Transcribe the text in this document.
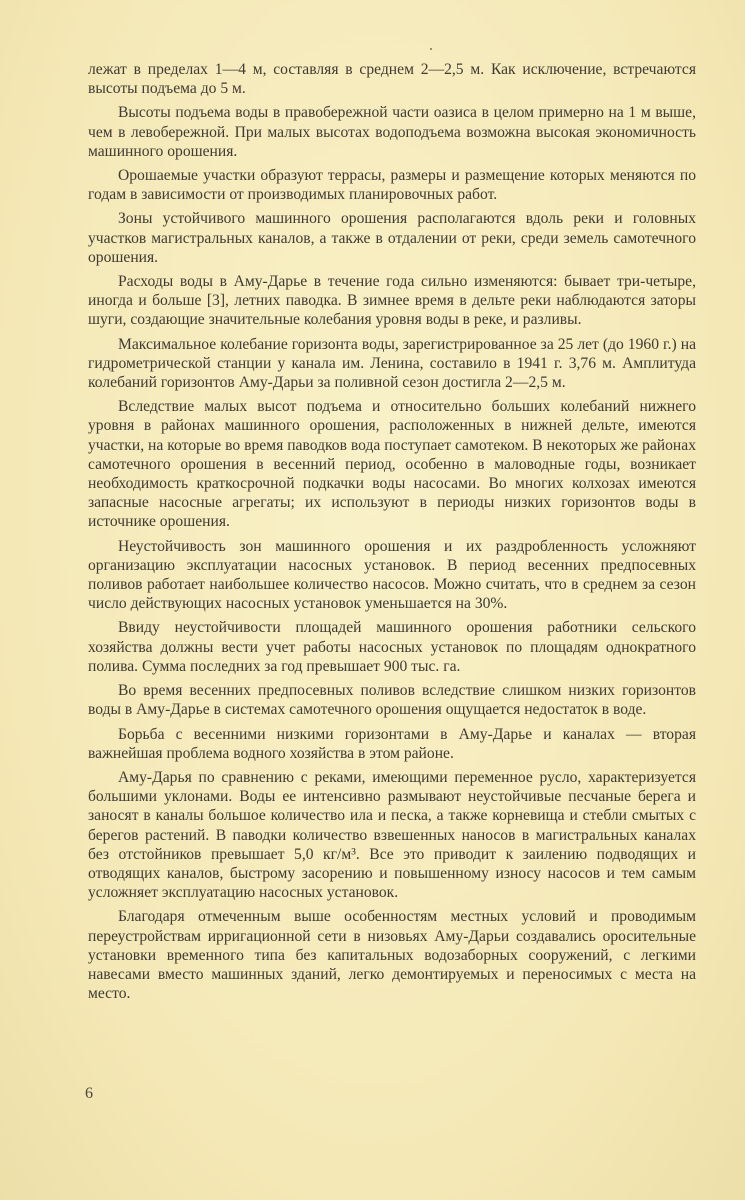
лежат в пределах 1—4 м, составляя в среднем 2—2,5 м. Как исключение, встречаются высоты подъема до 5 м.

Высоты подъема воды в правобережной части оазиса в целом примерно на 1 м выше, чем в левобережной. При малых высотах водоподъема возможна высокая экономичность машинного орошения.

Орошаемые участки образуют террасы, размеры и размещение которых меняются по годам в зависимости от производимых планировочных работ.

Зоны устойчивого машинного орошения располагаются вдоль реки и головных участков магистральных каналов, а также в отдалении от реки, среди земель самотечного орошения.

Расходы воды в Аму-Дарье в течение года сильно изменяются: бывает три-четыре, иногда и больше [3], летних паводка. В зимнее время в дельте реки наблюдаются заторы шуги, создающие значительные колебания уровня воды в реке, и разливы.

Максимальное колебание горизонта воды, зарегистрированное за 25 лет (до 1960 г.) на гидрометрической станции у канала им. Ленина, составило в 1941 г. 3,76 м. Амплитуда колебаний горизонтов Аму-Дарьи за поливной сезон достигла 2—2,5 м.

Вследствие малых высот подъема и относительно больших колебаний нижнего уровня в районах машинного орошения, расположенных в нижней дельте, имеются участки, на которые во время паводков вода поступает самотеком. В некоторых же районах самотечного орошения в весенний период, особенно в маловодные годы, возникает необходимость краткосрочной подкачки воды насосами. Во многих колхозах имеются запасные насосные агрегаты; их используют в периоды низких горизонтов воды в источнике орошения.

Неустойчивость зон машинного орошения и их раздробленность усложняют организацию эксплуатации насосных установок. В период весенних предпосевных поливов работает наибольшее количество насосов. Можно считать, что в среднем за сезон число действующих насосных установок уменьшается на 30%.

Ввиду неустойчивости площадей машинного орошения работники сельского хозяйства должны вести учет работы насосных установок по площадям однократного полива. Сумма последних за год превышает 900 тыс. га.

Во время весенних предпосевных поливов вследствие слишком низких горизонтов воды в Аму-Дарье в системах самотечного орошения ощущается недостаток в воде.

Борьба с весенними низкими горизонтами в Аму-Дарье и каналах — вторая важнейшая проблема водного хозяйства в этом районе.

Аму-Дарья по сравнению с реками, имеющими переменное русло, характеризуется большими уклонами. Воды ее интенсивно размывают неустойчивые песчаные берега и заносят в каналы большое количество ила и песка, а также корневища и стебли смытых с берегов растений. В паводки количество взвешенных наносов в магистральных каналах без отстойников превышает 5,0 кг/м³. Все это приводит к заилению подводящих и отводящих каналов, быстрому засорению и повышенному износу насосов и тем самым усложняет эксплуатацию насосных установок.

Благодаря отмеченным выше особенностям местных условий и проводимым переустройствам ирригационной сети в низовьях Аму-Дарьи создавались оросительные установки временного типа без капитальных водозаборных сооружений, с легкими навесами вместо машинных зданий, легко демонтируемых и переносимых с места на место.

6
